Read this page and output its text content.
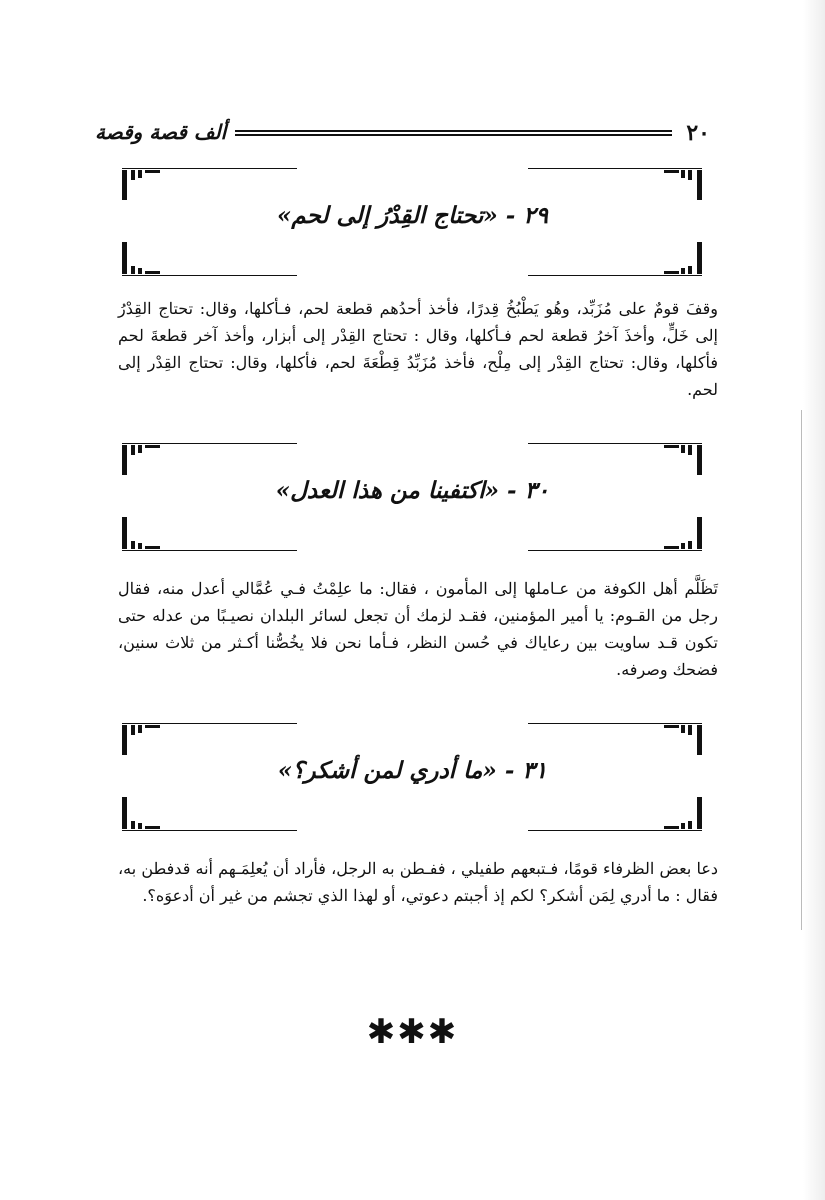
٢٠
ألف قصة وقصة
٢٩ - «تحتاج القِدْرُ إلى لحم»
وقفَ قومٌ على مُزَبِّد، وهُو يَطْبُخُ قِدرًا، فأخذ أحدُهم قطعة لحم، فـأكلها، وقال: تحتاج القِدْرُ إلى خَلٍّ، وأخذَ آخرُ قطعة لحم فـأكلها، وقال : تحتاج القِدْر إلى أبزار، وأخذ آخر قطعةَ لحم فأكلها، وقال: تحتاج القِدْر إلى مِلْح، فأخذ مُزَبِّدُ قِطْعَةَ لحم، فأكلها، وقال: تحتاج القِدْر إلى لحم.
٣٠ - «اكتفينا من هذا العدل»
تَظَلَّم أهل الكوفة من عـاملها إلى المأمون ، فقال: ما علِمْتُ فـي عُمَّالي أعدل منه، فقال رجل من القـوم: يا أمير المؤمنين، فقـد لزمك أن تجعل لسائر البلدان نصيـبًا من عدله حتى تكون قـد ساويت بين رعاياك في حُسن النظر، فـأما نحن فلا يخُصُّنا أكـثر من ثلاث سنين، فضحك وصرفه.
٣١ - «ما أدري لمن أشكر؟»
دعا بعض الظرفاء قومًا، فـتبعهم طفيلي ، ففـطن به الرجل، فأراد أن يُعلِمَـهم أنه قدفطن به، فقال : ما أدري لِمَن أشكر؟ لكم إذ أجبتم دعوتي، أو لهذا الذي تجشم من غير أن أدعوَه؟.
✱✱✱
